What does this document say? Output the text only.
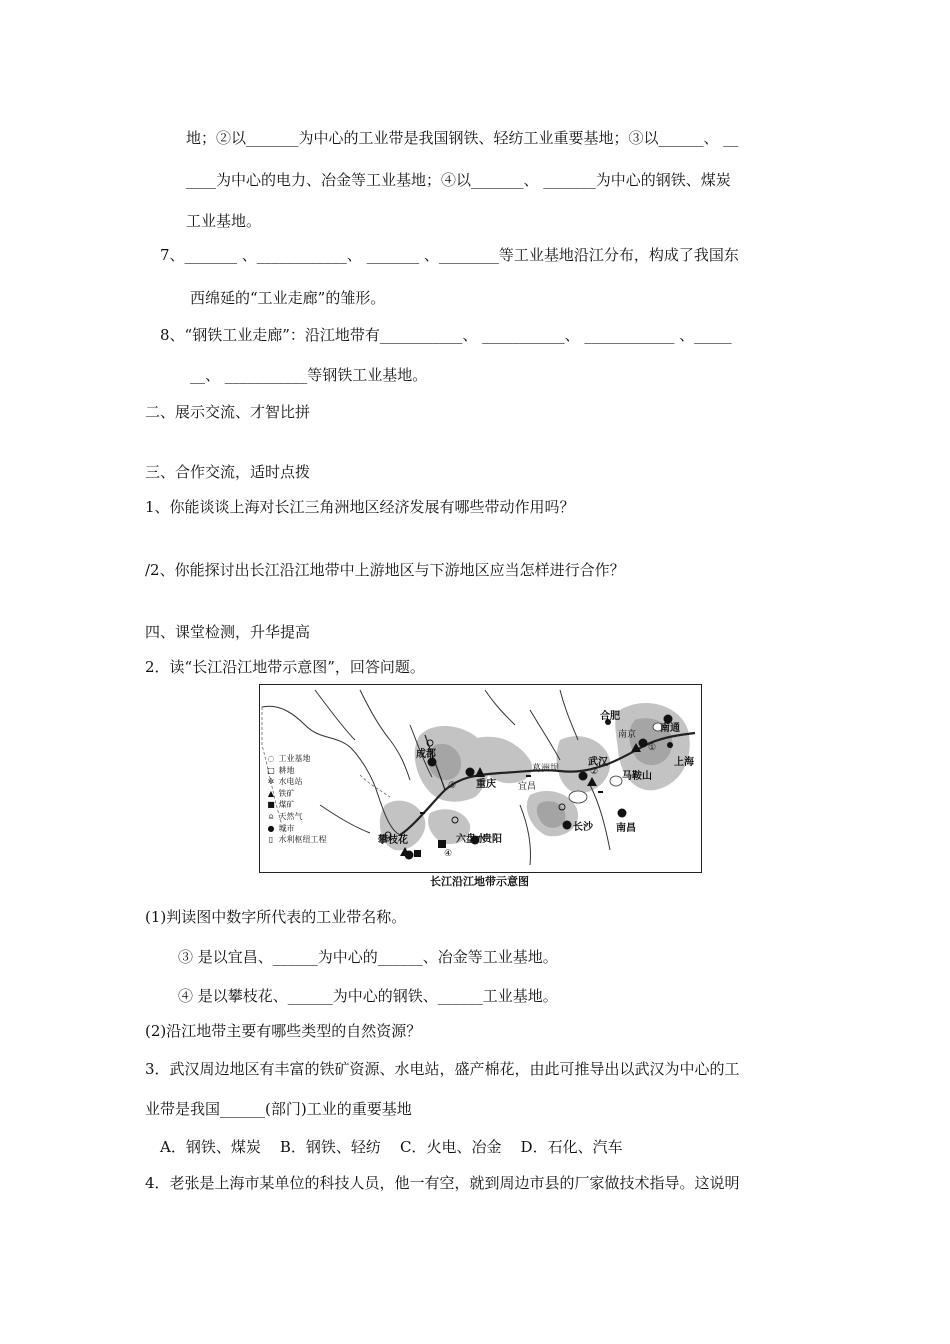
地；②以_______为中心的工业带是我国钢铁、轻纺工业重要基地；③以______、 __
____为中心的电力、冶金等工业基地；④以_______、 _______为中心的钢铁、煤炭
工业基地。
7、_______ 、____________、 _______ 、________等工业基地沿江分布，构成了我国东
西绵延的“工业走廊”的雏形。
8、“钢铁工业走廊”：沿江地带有___________、 ___________、 ____________ 、_____
__、 ___________等钢铁工业基地。
二、展示交流、才智比拼
三、合作交流，适时点拨
1、你能谈谈上海对长江三角洲地区经济发展有哪些带动作用吗？
/2、你能探讨出长江沿江地带中上游地区与下游地区应当怎样进行合作？
四、课堂检测，升华提高
2．读“长江沿江地带示意图”，回答问题。
◌ 工业基地
□ 耕地
✲ 水电站
▲ 铁矿
■ 煤矿
⍝ 天然气
● 城市
▯ 水利枢纽工程
合肥
南京
南通
上海
马鞍山
成都
重庆
葛洲坝
武汉
宜昌
南昌
长沙
攀枝花	六盘水
贵阳
①
②
③
④
长江沿江地带示意图
(1)判读图中数字所代表的工业带名称。
③ 是以宜昌、______为中心的______、冶金等工业基地。
④ 是以攀枝花、______为中心的钢铁、______工业基地。
(2)沿江地带主要有哪些类型的自然资源？
3．武汉周边地区有丰富的铁矿资源、水电站，盛产棉花，由此可推导出以武汉为中心的工
业带是我国______(部门)工业的重要基地
A．钢铁、煤炭    B．钢铁、轻纺    C．火电、冶金    D．石化、汽车
4．老张是上海市某单位的科技人员，他一有空，就到周边市县的厂家做技术指导。这说明
